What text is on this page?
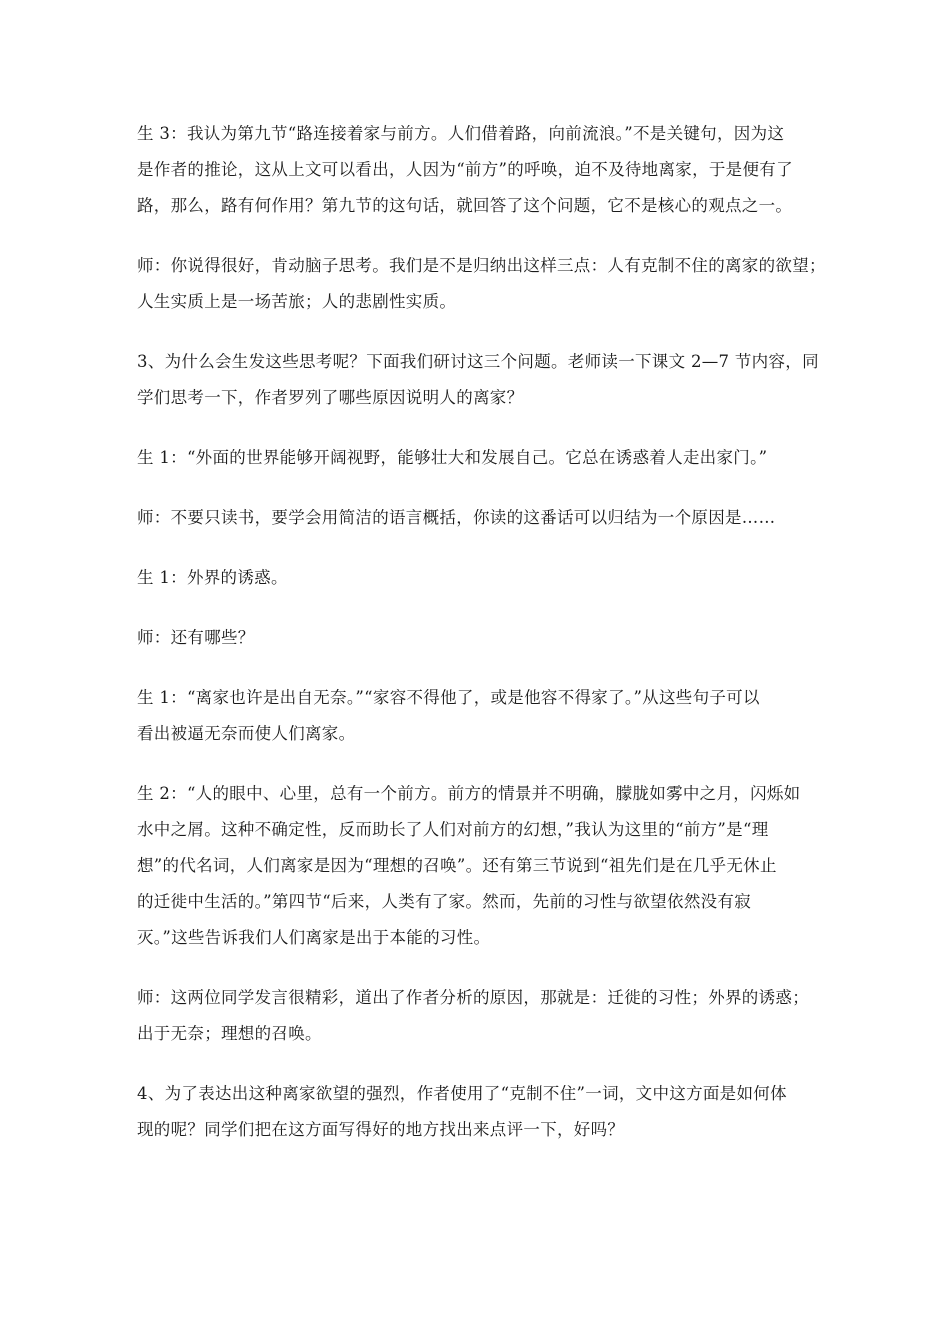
生 3：我认为第九节“路连接着家与前方。人们借着路，向前流浪。”不是关键句，因为这

是作者的推论，这从上文可以看出，人因为“前方”的呼唤，迫不及待地离家，于是便有了

路，那么，路有何作用？第九节的这句话，就回答了这个问题，它不是核心的观点之一。

师：你说得很好，肯动脑子思考。我们是不是归纳出这样三点：人有克制不住的离家的欲望；

人生实质上是一场苦旅；人的悲剧性实质。

3、为什么会生发这些思考呢？下面我们研讨这三个问题。老师读一下课文 2—7 节内容，同

学们思考一下，作者罗列了哪些原因说明人的离家？

生 1：“外面的世界能够开阔视野，能够壮大和发展自己。它总在诱惑着人走出家门。”

师：不要只读书，要学会用简洁的语言概括，你读的这番话可以归结为一个原因是……

生 1：外界的诱惑。

师：还有哪些？

生 1：“离家也许是出自无奈。”“家容不得他了，或是他容不得家了。”从这些句子可以

看出被逼无奈而使人们离家。

生 2：“人的眼中、心里，总有一个前方。前方的情景并不明确，朦胧如雾中之月，闪烁如

水中之屑。这种不确定性，反而助长了人们对前方的幻想，”我认为这里的“前方”是“理

想”的代名词，人们离家是因为“理想的召唤”。还有第三节说到“祖先们是在几乎无休止

的迁徙中生活的。”第四节“后来，人类有了家。然而，先前的习性与欲望依然没有寂

灭。”这些告诉我们人们离家是出于本能的习性。

师：这两位同学发言很精彩，道出了作者分析的原因，那就是：迁徙的习性；外界的诱惑；

出于无奈；理想的召唤。

4、为了表达出这种离家欲望的强烈，作者使用了“克制不住”一词，文中这方面是如何体

现的呢？同学们把在这方面写得好的地方找出来点评一下，好吗？
